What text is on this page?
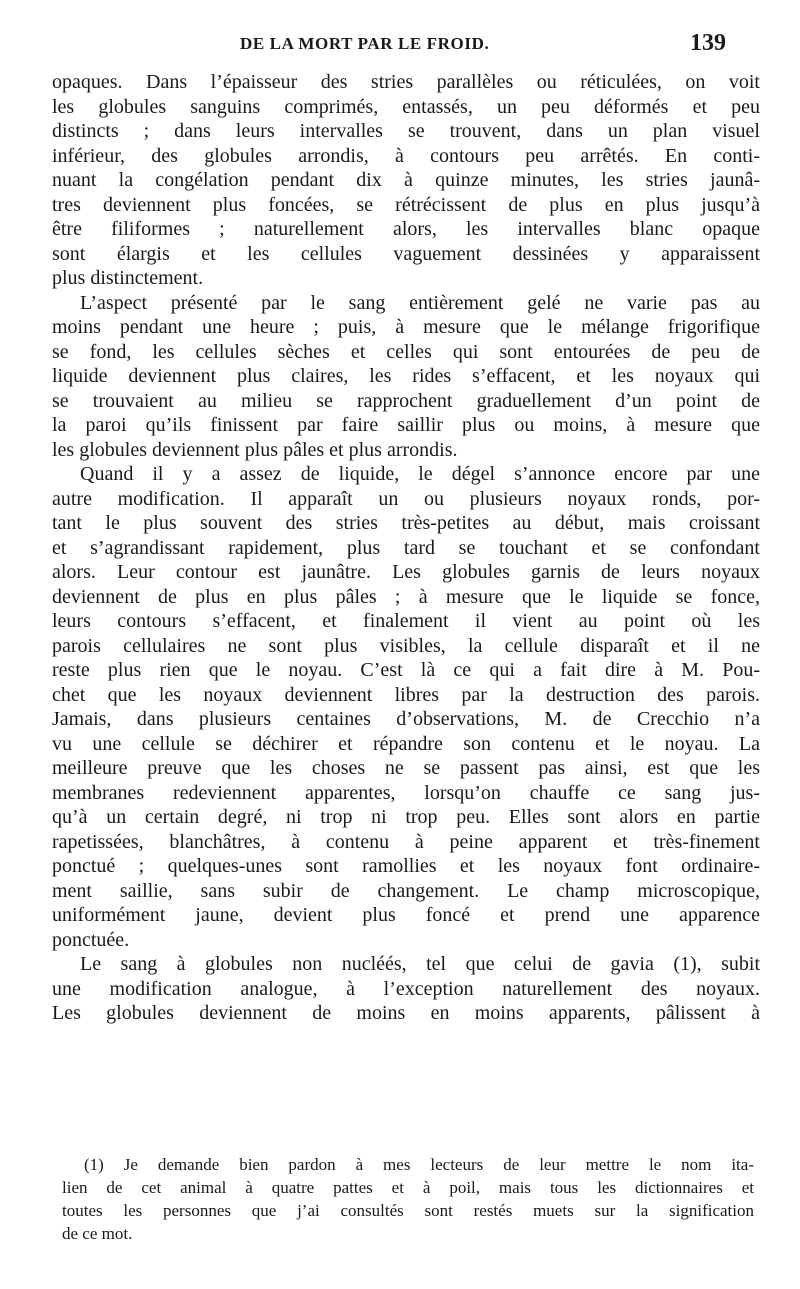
DE LA MORT PAR LE FROID.	139
opaques. Dans l’épaisseur des stries parallèles ou réticulées, on voit
les globules sanguins comprimés, entassés, un peu déformés et peu
distincts ; dans leurs intervalles se trouvent, dans un plan visuel
inférieur, des globules arrondis, à contours peu arrêtés. En conti-
nuant la congélation pendant dix à quinze minutes, les stries jaunâ-
tres deviennent plus foncées, se rétrécissent de plus en plus jusqu’à
être filiformes ; naturellement alors, les intervalles blanc opaque
sont élargis et les cellules vaguement dessinées y apparaissent
plus distinctement.
L’aspect présenté par le sang entièrement gelé ne varie pas au
moins pendant une heure ; puis, à mesure que le mélange frigorifique
se fond, les cellules sèches et celles qui sont entourées de peu de
liquide deviennent plus claires, les rides s’effacent, et les noyaux qui
se trouvaient au milieu se rapprochent graduellement d’un point de
la paroi qu’ils finissent par faire saillir plus ou moins, à mesure que
les globules deviennent plus pâles et plus arrondis.
Quand il y a assez de liquide, le dégel s’annonce encore par une
autre modification. Il apparaît un ou plusieurs noyaux ronds, por-
tant le plus souvent des stries très-petites au début, mais croissant
et s’agrandissant rapidement, plus tard se touchant et se confondant
alors. Leur contour est jaunâtre. Les globules garnis de leurs noyaux
deviennent de plus en plus pâles ; à mesure que le liquide se fonce,
leurs contours s’effacent, et finalement il vient au point où les
parois cellulaires ne sont plus visibles, la cellule disparaît et il ne
reste plus rien que le noyau. C’est là ce qui a fait dire à M. Pou-
chet que les noyaux deviennent libres par la destruction des parois.
Jamais, dans plusieurs centaines d’observations, M. de Crecchio n’a
vu une cellule se déchirer et répandre son contenu et le noyau. La
meilleure preuve que les choses ne se passent pas ainsi, est que les
membranes redeviennent apparentes, lorsqu’on chauffe ce sang jus-
qu’à un certain degré, ni trop ni trop peu. Elles sont alors en partie
rapetissées, blanchâtres, à contenu à peine apparent et très-finement
ponctué ; quelques-unes sont ramollies et les noyaux font ordinaire-
ment saillie, sans subir de changement. Le champ microscopique,
uniformément jaune, devient plus foncé et prend une apparence
ponctuée.
Le sang à globules non nucléés, tel que celui de gavia (1), subit
une modification analogue, à l’exception naturellement des noyaux.
Les globules deviennent de moins en moins apparents, pâlissent à
(1) Je demande bien pardon à mes lecteurs de leur mettre le nom ita-
lien de cet animal à quatre pattes et à poil, mais tous les dictionnaires et
toutes les personnes que j’ai consultés sont restés muets sur la signification
de ce mot.
